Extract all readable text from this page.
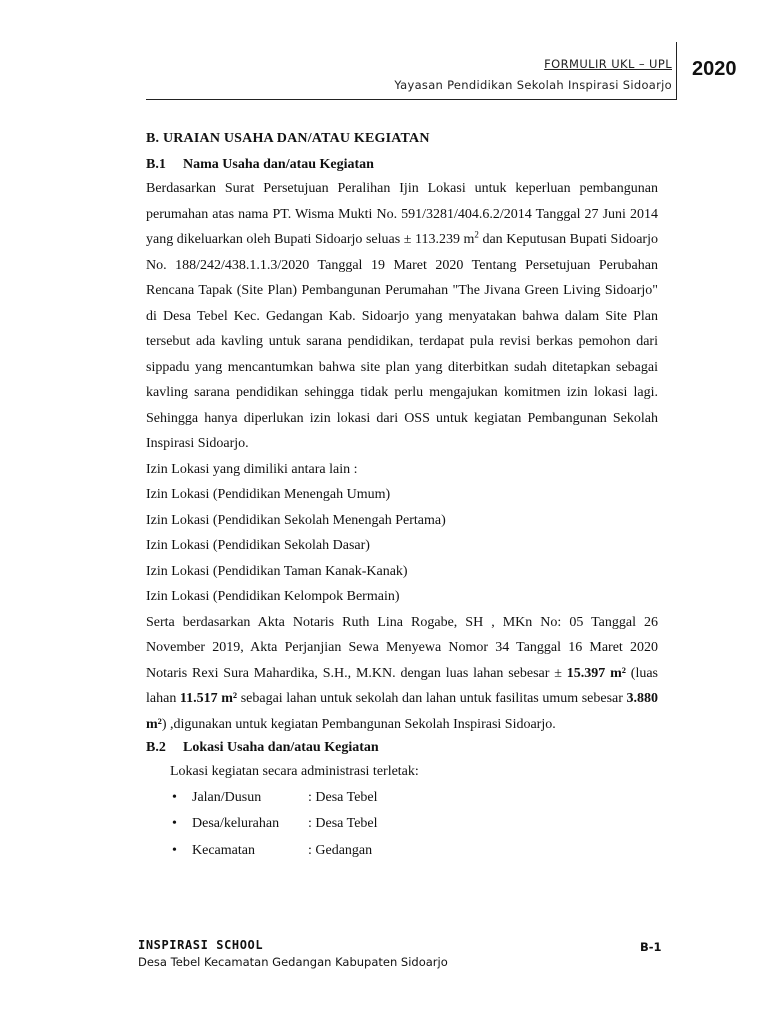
FORMULIR UKL – UPL
Yayasan Pendidikan Sekolah Inspirasi Sidoarjo
2020
B. URAIAN USAHA DAN/ATAU KEGIATAN
B.1 Nama Usaha dan/atau Kegiatan

Berdasarkan Surat Persetujuan Peralihan Ijin Lokasi untuk keperluan pembangunan perumahan atas nama PT. Wisma Mukti No. 591/3281/404.6.2/2014 Tanggal 27 Juni 2014 yang dikeluarkan oleh Bupati Sidoarjo seluas ± 113.239 $m^2$ dan Keputusan Bupati Sidoarjo No. 188/242/438.1.1.3/2020 Tanggal 19 Maret 2020 Tentang Persetujuan Perubahan Rencana Tapak (Site Plan) Pembangunan Perumahan "The Jivana Green Living Sidoarjo" di Desa Tebel Kec. Gedangan Kab. Sidoarjo yang menyatakan bahwa dalam Site Plan tersebut ada kavling untuk sarana pendidikan, terdapat pula revisi berkas pemohon dari sippadu yang mencantumkan bahwa site plan yang diterbitkan sudah ditetapkan sebagai kavling sarana pendidikan sehingga tidak perlu mengajukan komitmen izin lokasi lagi. Sehingga hanya diperlukan izin lokasi dari OSS untuk kegiatan Pembangunan Sekolah Inspirasi Sidoarjo.

Izin Lokasi yang dimiliki antara lain :

Izin Lokasi (Pendidikan Menengah Umum)

Izin Lokasi (Pendidikan Sekolah Menengah Pertama)

Izin Lokasi (Pendidikan Sekolah Dasar)

Izin Lokasi (Pendidikan Taman Kanak-Kanak)

Izin Lokasi (Pendidikan Kelompok Bermain)

Serta berdasarkan Akta Notaris Ruth Lina Rogabe, SH , MKn No: 05 Tanggal 26 November 2019, Akta Perjanjian Sewa Menyewa Nomor 34 Tanggal 16 Maret 2020 Notaris Rexi Sura Mahardika, S.H., M.KN. dengan luas lahan sebesar ± 15.397 m² (luas lahan 11.517 m² sebagai lahan untuk sekolah dan lahan untuk fasilitas umum sebesar 3.880 m²) ,digunakan untuk kegiatan Pembangunan Sekolah Inspirasi Sidoarjo.

B.2 Lokasi Usaha dan/atau Kegiatan

Lokasi kegiatan secara administrasi terletak:

• Jalan/Dusun	: Desa Tebel
• Desa/kelurahan : Desa Tebel
• Kecamatan	: Gedangan
INSPIRASI SCHOOL
Desa Tebel Kecamatan Gedangan Kabupaten Sidoarjo
B-1
